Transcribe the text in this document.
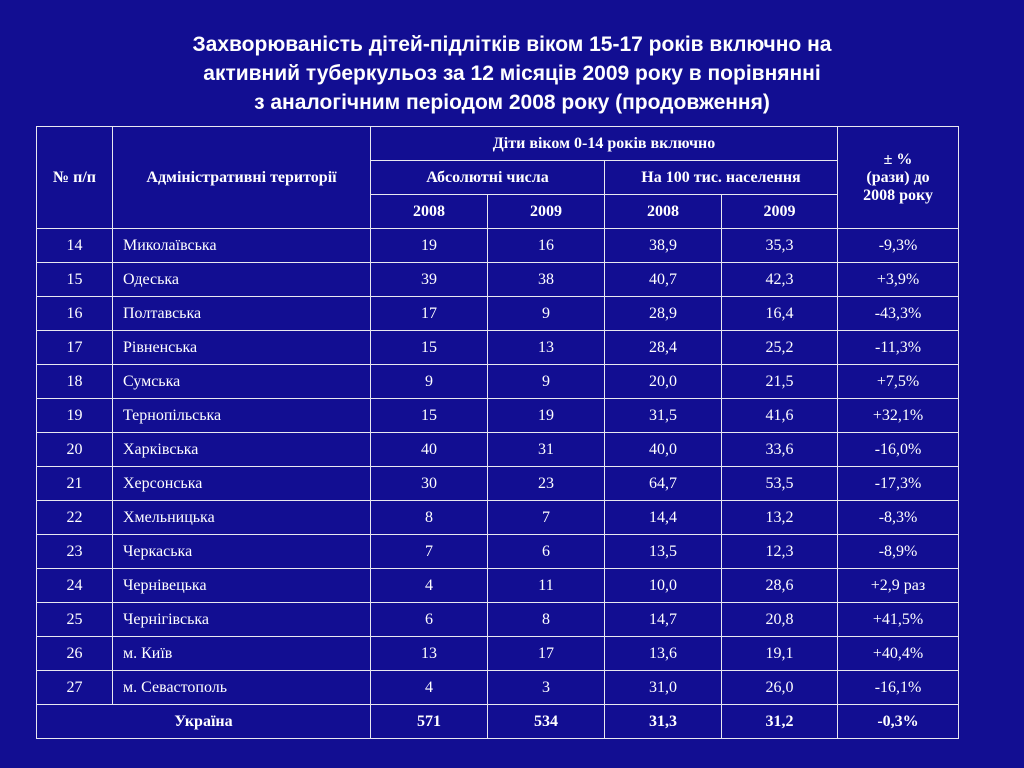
Захворюваність дітей-підлітків віком 15-17 років включно на
активний туберкульоз за 12 місяців 2009 року в порівнянні
з аналогічним періодом 2008 року (продовження)
№ п/п	Адміністративні території	Діти віком 0-14 років включно				± %
(рази) до
2008 року
		Абсолютні числа		На 100 тис. населення		
		2008	2009	2008	2009	
14	Миколаївська	19	16	38,9	35,3	-9,3%
15	Одеська	39	38	40,7	42,3	+3,9%
16	Полтавська	17	9	28,9	16,4	-43,3%
17	Рівненська	15	13	28,4	25,2	-11,3%
18	Сумська	9	9	20,0	21,5	+7,5%
19	Тернопільська	15	19	31,5	41,6	+32,1%
20	Харківська	40	31	40,0	33,6	-16,0%
21	Херсонська	30	23	64,7	53,5	-17,3%
22	Хмельницька	8	7	14,4	13,2	-8,3%
23	Черкаська	7	6	13,5	12,3	-8,9%
24	Чернівецька	4	11	10,0	28,6	+2,9 раз
25	Чернігівська	6	8	14,7	20,8	+41,5%
26	м. Київ	13	17	13,6	19,1	+40,4%
27	м. Севастополь	4	3	31,0	26,0	-16,1%
Україна		571	534	31,3	31,2	-0,3%
